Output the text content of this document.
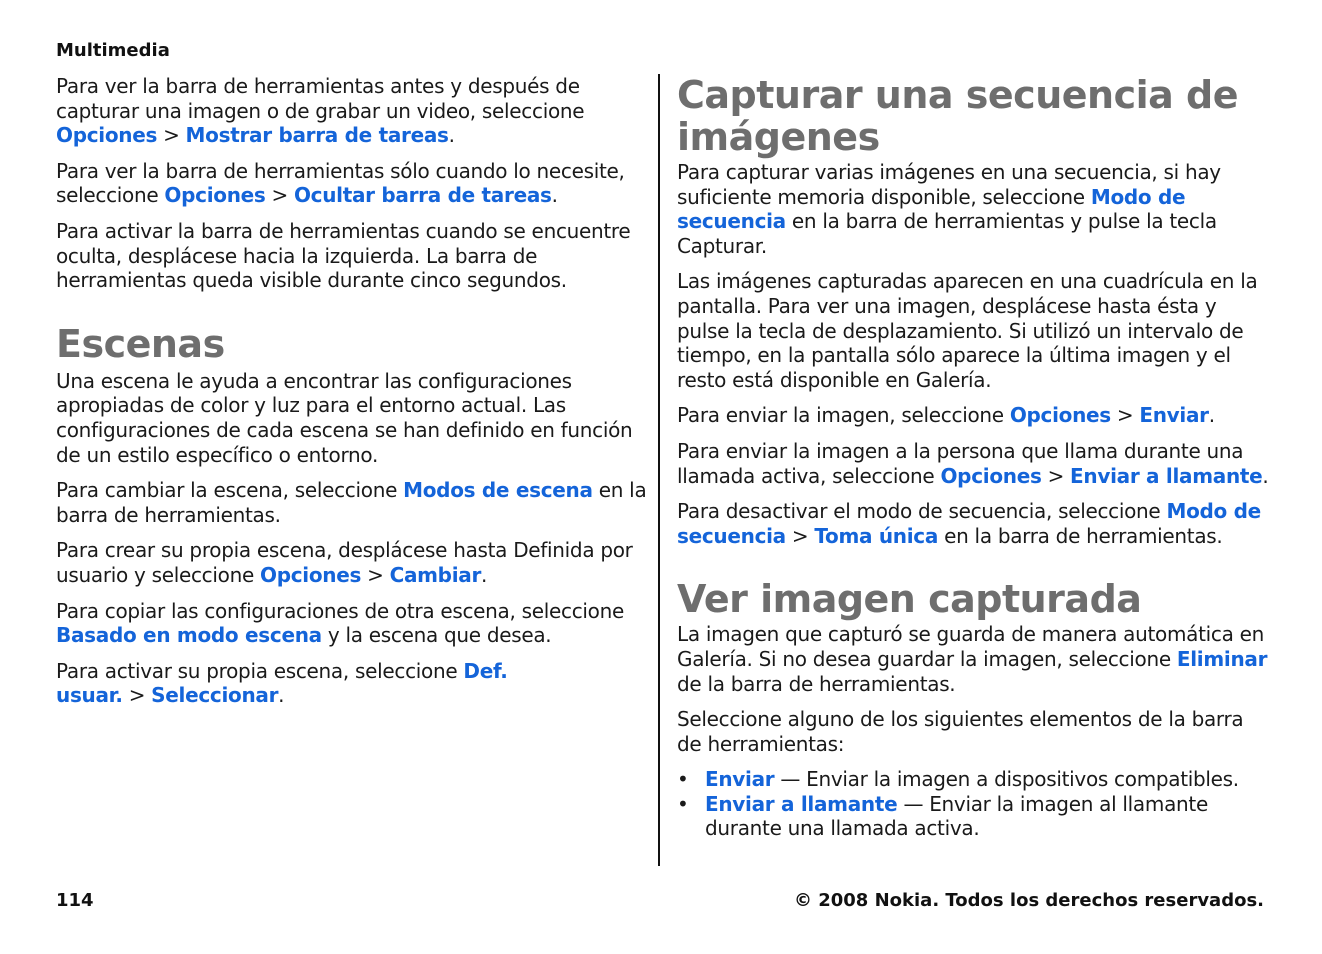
Multimedia

Para ver la barra de herramientas antes y después de capturar una imagen o de grabar un video, seleccione Opciones > Mostrar barra de tareas.

Para ver la barra de herramientas sólo cuando lo necesite, seleccione Opciones > Ocultar barra de tareas.

Para activar la barra de herramientas cuando se encuentre oculta, desplácese hacia la izquierda. La barra de herramientas queda visible durante cinco segundos.

Escenas

Una escena le ayuda a encontrar las configuraciones apropiadas de color y luz para el entorno actual. Las configuraciones de cada escena se han definido en función de un estilo específico o entorno.

Para cambiar la escena, seleccione Modos de escena en la barra de herramientas.

Para crear su propia escena, desplácese hasta Definida por usuario y seleccione Opciones > Cambiar.

Para copiar las configuraciones de otra escena, seleccione Basado en modo escena y la escena que desea.

Para activar su propia escena, seleccione Def. usuar. > Seleccionar.

Capturar una secuencia de imágenes

Para capturar varias imágenes en una secuencia, si hay suficiente memoria disponible, seleccione Modo de secuencia en la barra de herramientas y pulse la tecla Capturar.

Las imágenes capturadas aparecen en una cuadrícula en la pantalla. Para ver una imagen, desplácese hasta ésta y pulse la tecla de desplazamiento. Si utilizó un intervalo de tiempo, en la pantalla sólo aparece la última imagen y el resto está disponible en Galería.

Para enviar la imagen, seleccione Opciones > Enviar.

Para enviar la imagen a la persona que llama durante una llamada activa, seleccione Opciones > Enviar a llamante.

Para desactivar el modo de secuencia, seleccione Modo de secuencia > Toma única en la barra de herramientas.

Ver imagen capturada

La imagen que capturó se guarda de manera automática en Galería. Si no desea guardar la imagen, seleccione Eliminar de la barra de herramientas.

Seleccione alguno de los siguientes elementos de la barra de herramientas:

• Enviar — Enviar la imagen a dispositivos compatibles.
• Enviar a llamante — Enviar la imagen al llamante durante una llamada activa.
114	© 2008 Nokia. Todos los derechos reservados.
